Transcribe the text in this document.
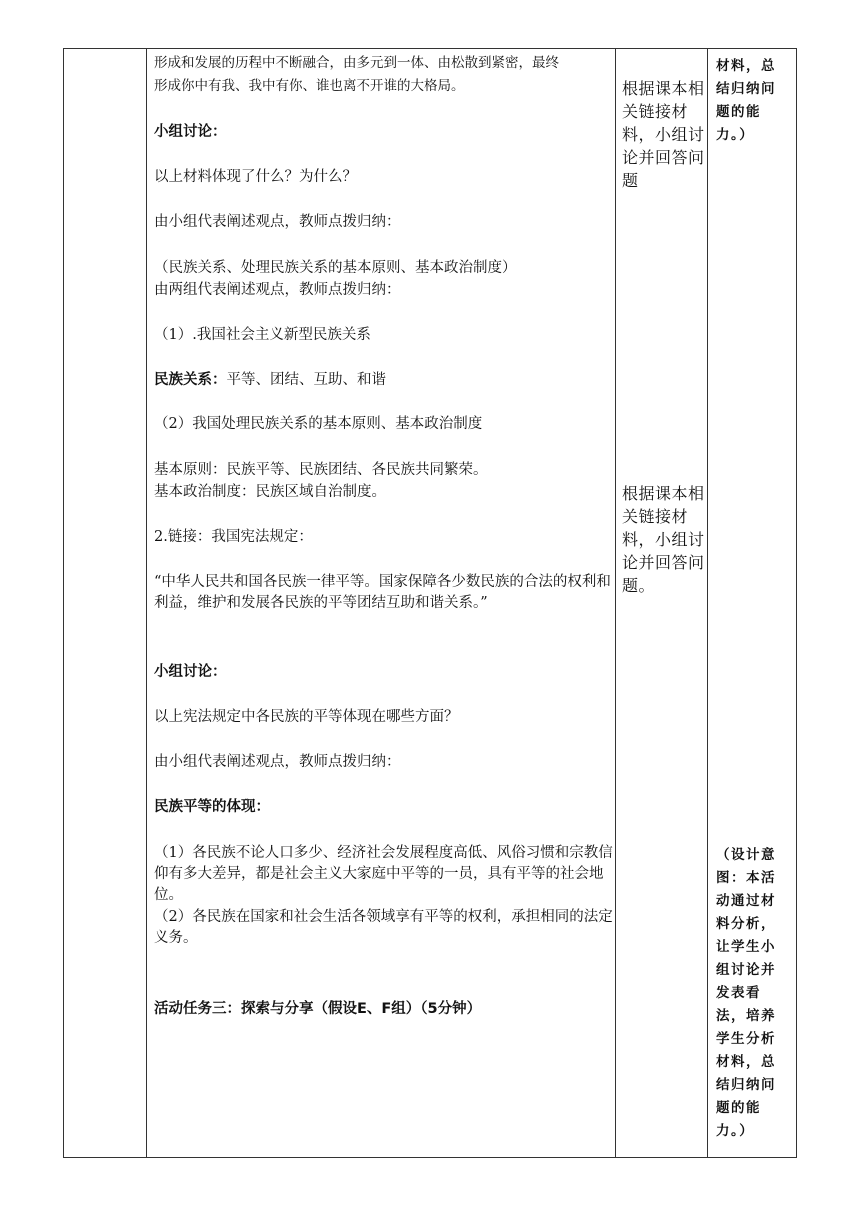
形成和发展的历程中不断融合，由多元到一体、由松散到紧密，最终
形成你中有我、我中有你、谁也离不开谁的大格局。
小组讨论：
以上材料体现了什么？为什么？
由小组代表阐述观点，教师点拨归纳：
（民族关系、处理民族关系的基本原则、基本政治制度）
由两组代表阐述观点，教师点拨归纳：
（1）.我国社会主义新型民族关系
民族关系：平等、团结、互助、和谐
（2）我国处理民族关系的基本原则、基本政治制度
基本原则：民族平等、民族团结、各民族共同繁荣。
基本政治制度：民族区域自治制度。
2.链接：我国宪法规定：

“中华人民共和国各民族一律平等。国家保障各少数民族的合法的权利和利益，维护和发展各民族的平等团结互助和谐关系。”

小组讨论：
以上宪法规定中各民族的平等体现在哪些方面？
由小组代表阐述观点，教师点拨归纳：
民族平等的体现：

（1）各民族不论人口多少、经济社会发展程度高低、风俗习惯和宗教信仰有多大差异，都是社会主义大家庭中平等的一员，具有平等的社会地位。

（2）各民族在国家和社会生活各领域享有平等的权利，承担相同的法定义务。

活动任务三：探索与分享（假设E、F组）（5分钟）
根据课本相关链接材料，小组讨论并回答问题
根据课本相关链接材料，小组讨论并回答问题。
材料，总结归纳问题的能力。）
（设计意图：本活动通过材料分析，让学生小组讨论并发表看法，培养学生分析材料，总结归纳问题的能力。）
